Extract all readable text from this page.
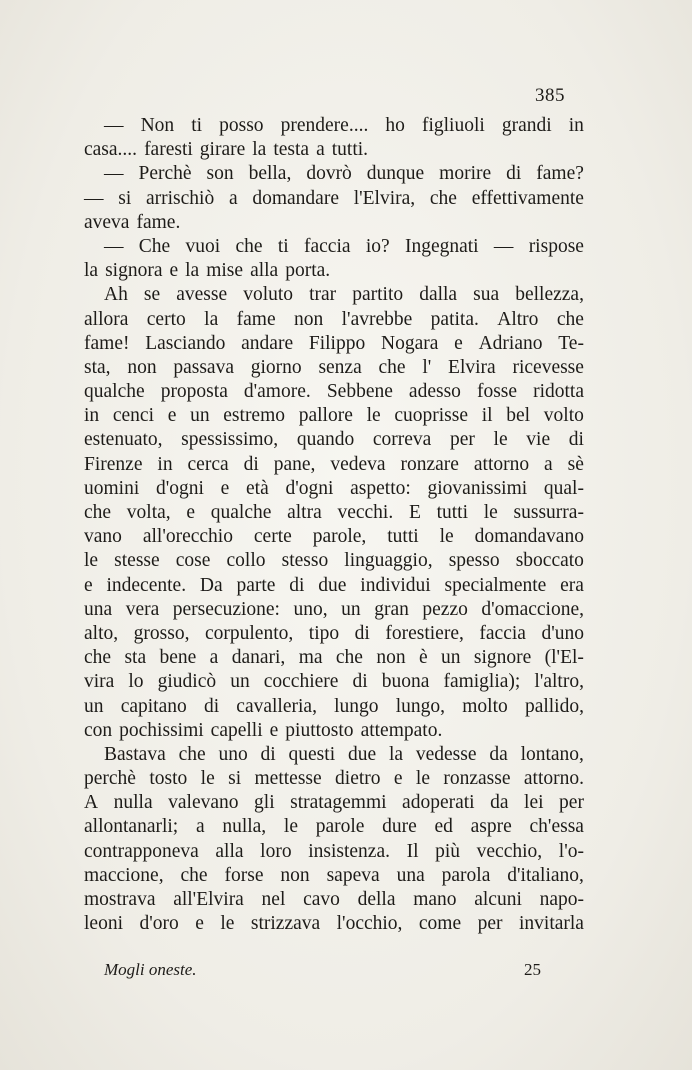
385
— Non ti posso prendere.... ho figliuoli grandi in
casa.... faresti girare la testa a tutti.
— Perchè son bella, dovrò dunque morire di fame?
— si arrischiò a domandare l'Elvira, che effettivamente
aveva fame.
— Che vuoi che ti faccia io? Ingegnati — rispose
la signora e la mise alla porta.
Ah se avesse voluto trar partito dalla sua bellezza,
allora certo la fame non l'avrebbe patita. Altro che
fame! Lasciando andare Filippo Nogara e Adriano Te-
sta, non passava giorno senza che l' Elvira ricevesse
qualche proposta d'amore. Sebbene adesso fosse ridotta
in cenci e un estremo pallore le cuoprisse il bel volto
estenuato, spessissimo, quando correva per le vie di
Firenze in cerca di pane, vedeva ronzare attorno a sè
uomini d'ogni e età d'ogni aspetto: giovanissimi qual-
che volta, e qualche altra vecchi. E tutti le sussurra-
vano all'orecchio certe parole, tutti le domandavano
le stesse cose collo stesso linguaggio, spesso sboccato
e indecente. Da parte di due individui specialmente era
una vera persecuzione: uno, un gran pezzo d'omaccione,
alto, grosso, corpulento, tipo di forestiere, faccia d'uno
che sta bene a danari, ma che non è un signore (l'El-
vira lo giudicò un cocchiere di buona famiglia); l'altro,
un capitano di cavalleria, lungo lungo, molto pallido,
con pochissimi capelli e piuttosto attempato.
Bastava che uno di questi due la vedesse da lontano,
perchè tosto le si mettesse dietro e le ronzasse attorno.
A nulla valevano gli stratagemmi adoperati da lei per
allontanarli; a nulla, le parole dure ed aspre ch'essa
contrapponeva alla loro insistenza. Il più vecchio, l'o-
maccione, che forse non sapeva una parola d'italiano,
mostrava all'Elvira nel cavo della mano alcuni napo-
leoni d'oro e le strizzava l'occhio, come per invitarla
Mogli oneste.	25
